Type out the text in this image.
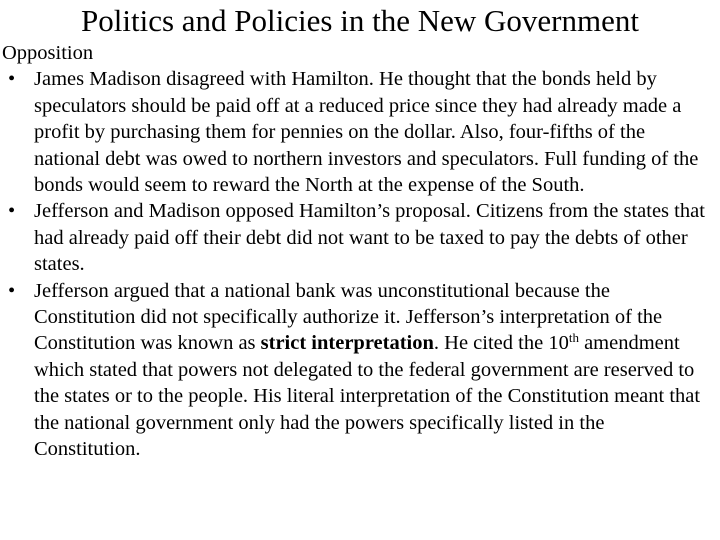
Politics and Policies in the New Government
Opposition
• James Madison disagreed with Hamilton. He thought that the bonds held by speculators should be paid off at a reduced price since they had already made a profit by purchasing them for pennies on the dollar. Also, four-fifths of the national debt was owed to northern investors and speculators. Full funding of the bonds would seem to reward the North at the expense of the South.
• Jefferson and Madison opposed Hamilton’s proposal. Citizens from the states that had already paid off their debt did not want to be taxed to pay the debts of other states.
• Jefferson argued that a national bank was unconstitutional because the Constitution did not specifically authorize it. Jefferson’s interpretation of the Constitution was known as strict interpretation. He cited the 10th amendment which stated that powers not delegated to the federal government are reserved to the states or to the people. His literal interpretation of the Constitution meant that the national government only had the powers specifically listed in the Constitution.
